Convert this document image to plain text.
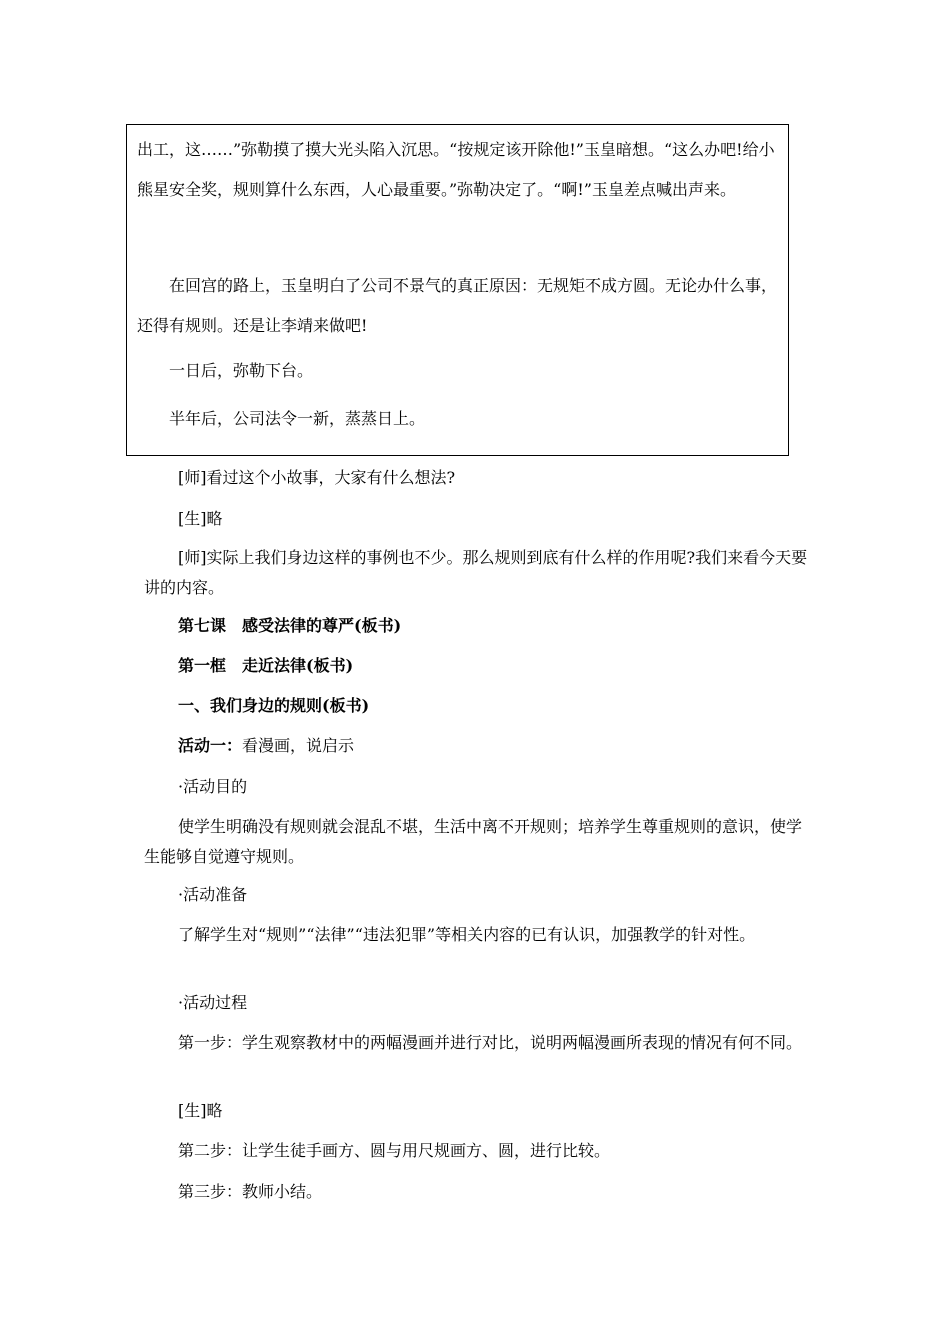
出工，这……”弥勒摸了摸大光头陷入沉思。“按规定该开除他!”玉皇暗想。“这么办吧!给小熊星安全奖，规则算什么东西，人心最重要。”弥勒决定了。“啊!”玉皇差点喊出声来。

在回宫的路上，玉皇明白了公司不景气的真正原因：无规矩不成方圆。无论办什么事，还得有规则。还是让李靖来做吧!

一日后，弥勒下台。

半年后，公司法令一新，蒸蒸日上。

[师]看过这个小故事，大家有什么想法?

[生]略

[师]实际上我们身边这样的事例也不少。那么规则到底有什么样的作用呢?我们来看今天要讲的内容。

第七课　感受法律的尊严(板书)

第一框　走近法律(板书)

一、我们身边的规则(板书)

活动一：看漫画，说启示

·活动目的

使学生明确没有规则就会混乱不堪，生活中离不开规则；培养学生尊重规则的意识，使学生能够自觉遵守规则。

·活动准备

了解学生对“规则”“法律”“违法犯罪”等相关内容的已有认识，加强教学的针对性。

·活动过程

第一步：学生观察教材中的两幅漫画并进行对比，说明两幅漫画所表现的情况有何不同。

[生]略

第二步：让学生徒手画方、圆与用尺规画方、圆，进行比较。

第三步：教师小结。
